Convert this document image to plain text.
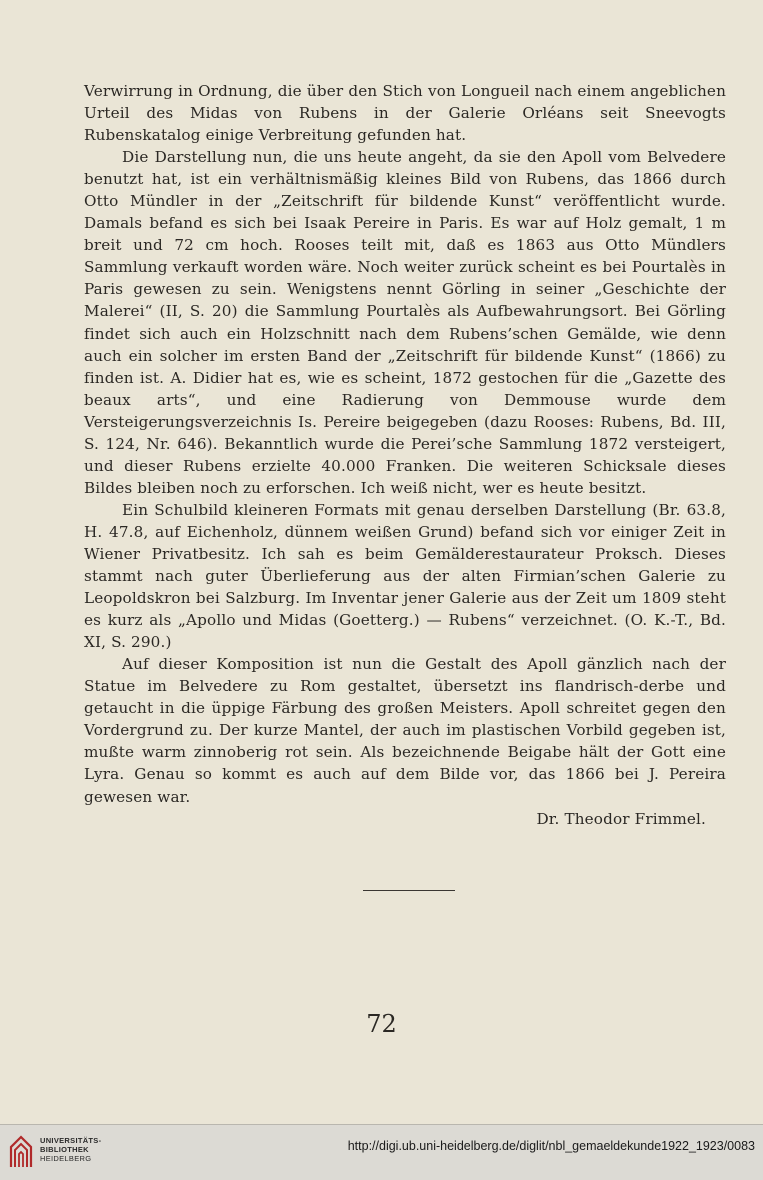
Verwirrung in Ordnung, die über den Stich von Longueil nach einem angeblichen Urteil des Midas von Rubens in der Galerie Orléans seit Sneevogts Rubenskatalog einige Verbreitung gefunden hat.

Die Darstellung nun, die uns heute angeht, da sie den Apoll vom Belvedere benutzt hat, ist ein verhältnismäßig kleines Bild von Rubens, das 1866 durch Otto Mündler in der „Zeitschrift für bildende Kunst“ veröffentlicht wurde. Damals befand es sich bei Isaak Pereire in Paris. Es war auf Holz gemalt, 1 m breit und 72 cm hoch. Rooses teilt mit, daß es 1863 aus Otto Mündlers Sammlung verkauft worden wäre. Noch weiter zurück scheint es bei Pourtalès in Paris gewesen zu sein. Wenigstens nennt Görling in seiner „Geschichte der Malerei“ (II, S. 20) die Sammlung Pourtalès als Aufbewahrungsort. Bei Görling findet sich auch ein Holzschnitt nach dem Rubens’schen Gemälde, wie denn auch ein solcher im ersten Band der „Zeitschrift für bildende Kunst“ (1866) zu finden ist. A. Didier hat es, wie es scheint, 1872 gestochen für die „Gazette des beaux arts“, und eine Radierung von Demmouse wurde dem Versteigerungsverzeichnis Is. Pereire beigegeben (dazu Rooses: Rubens, Bd. III, S. 124, Nr. 646). Bekanntlich wurde die Perei’sche Sammlung 1872 versteigert, und dieser Rubens erzielte 40.000 Franken. Die weiteren Schicksale dieses Bildes bleiben noch zu erforschen. Ich weiß nicht, wer es heute besitzt.

Ein Schulbild kleineren Formats mit genau derselben Darstellung (Br. 63.8, H. 47.8, auf Eichenholz, dünnem weißen Grund) befand sich vor einiger Zeit in Wiener Privatbesitz. Ich sah es beim Gemälderestaurateur Proksch. Dieses stammt nach guter Überlieferung aus der alten Firmian’schen Galerie zu Leopoldskron bei Salzburg. Im Inventar jener Galerie aus der Zeit um 1809 steht es kurz als „Apollo und Midas (Goetterg.) — Rubens“ verzeichnet. (O. K.-T., Bd. XI, S. 290.)

Auf dieser Komposition ist nun die Gestalt des Apoll gänzlich nach der Statue im Belvedere zu Rom gestaltet, übersetzt ins flandrisch-derbe und getaucht in die üppige Färbung des großen Meisters. Apoll schreitet gegen den Vordergrund zu. Der kurze Mantel, der auch im plastischen Vorbild gegeben ist, mußte warm zinnoberig rot sein. Als bezeichnende Beigabe hält der Gott eine Lyra. Genau so kommt es auch auf dem Bilde vor, das 1866 bei J. Pereira gewesen war.

Dr. Theodor Frimmel.

72
UNIVERSITÄTS-
BIBLIOTHEK
HEIDELBERG
http://digi.ub.uni-heidelberg.de/diglit/nbl_gemaeldekunde1922_1923/0083
